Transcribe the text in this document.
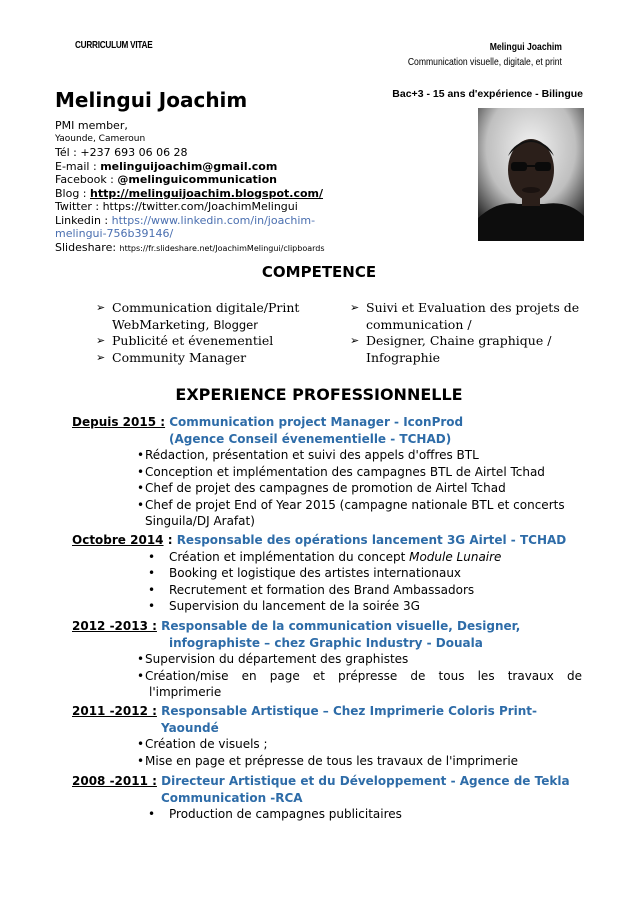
CURRICULUM VITAE	Melingui Joachim
Communication visuelle, digitale, et print
Bac+3 - 15 ans d'expérience - Bilingue
Melingui Joachim
PMI member,
Yaounde, Cameroun
Tél : +237 693 06 06 28
E-mail : melinguijoachim@gmail.com
Facebook : @melinguicommunication
Blog : http://melinguijoachim.blogspot.com/
Twitter : https://twitter.com/JoachimMelingui
Linkedin : https://www.linkedin.com/in/joachim-
melingui-756b39146/
Slideshare: https://fr.slideshare.net/JoachimMelingui/clipboards
COMPETENCE
➢ Communication digitale/Print
WebMarketing, Blogger
➢ Publicité et évenementiel
➢ Community Manager
➢ Suivi et Evaluation des projets de
communication /
➢ Designer, Chaine graphique /
Infographie
EXPERIENCE PROFESSIONNELLE
Depuis 2015 : Communication project Manager - IconProd
(Agence Conseil évenementielle - TCHAD)
• Rédaction, présentation et suivi des appels d'offres BTL
• Conception et implémentation des campagnes BTL de Airtel Tchad
• Chef de projet des campagnes de promotion de Airtel Tchad
• Chef de projet End of Year 2015 (campagne nationale BTL et concerts
Singuila/DJ Arafat)
Octobre 2014 : Responsable des opérations lancement 3G Airtel - TCHAD
• Création et implémentation du concept Module Lunaire
• Booking et logistique des artistes internationaux
• Recrutement et formation des Brand Ambassadors
• Supervision du lancement de la soirée 3G
2012 -2013 : Responsable de la communication visuelle, Designer,
infographiste – chez Graphic Industry - Douala
• Supervision du département des graphistes
• Création/mise en page et prépresse de tous les travaux de
l'imprimerie
2011 -2012 : Responsable Artistique – Chez Imprimerie Coloris Print-
Yaoundé
• Création de visuels ;
• Mise en page et prépresse de tous les travaux de l'imprimerie
2008 -2011 : Directeur Artistique et du Développement - Agence de Tekla
Communication -RCA
• Production de campagnes publicitaires
